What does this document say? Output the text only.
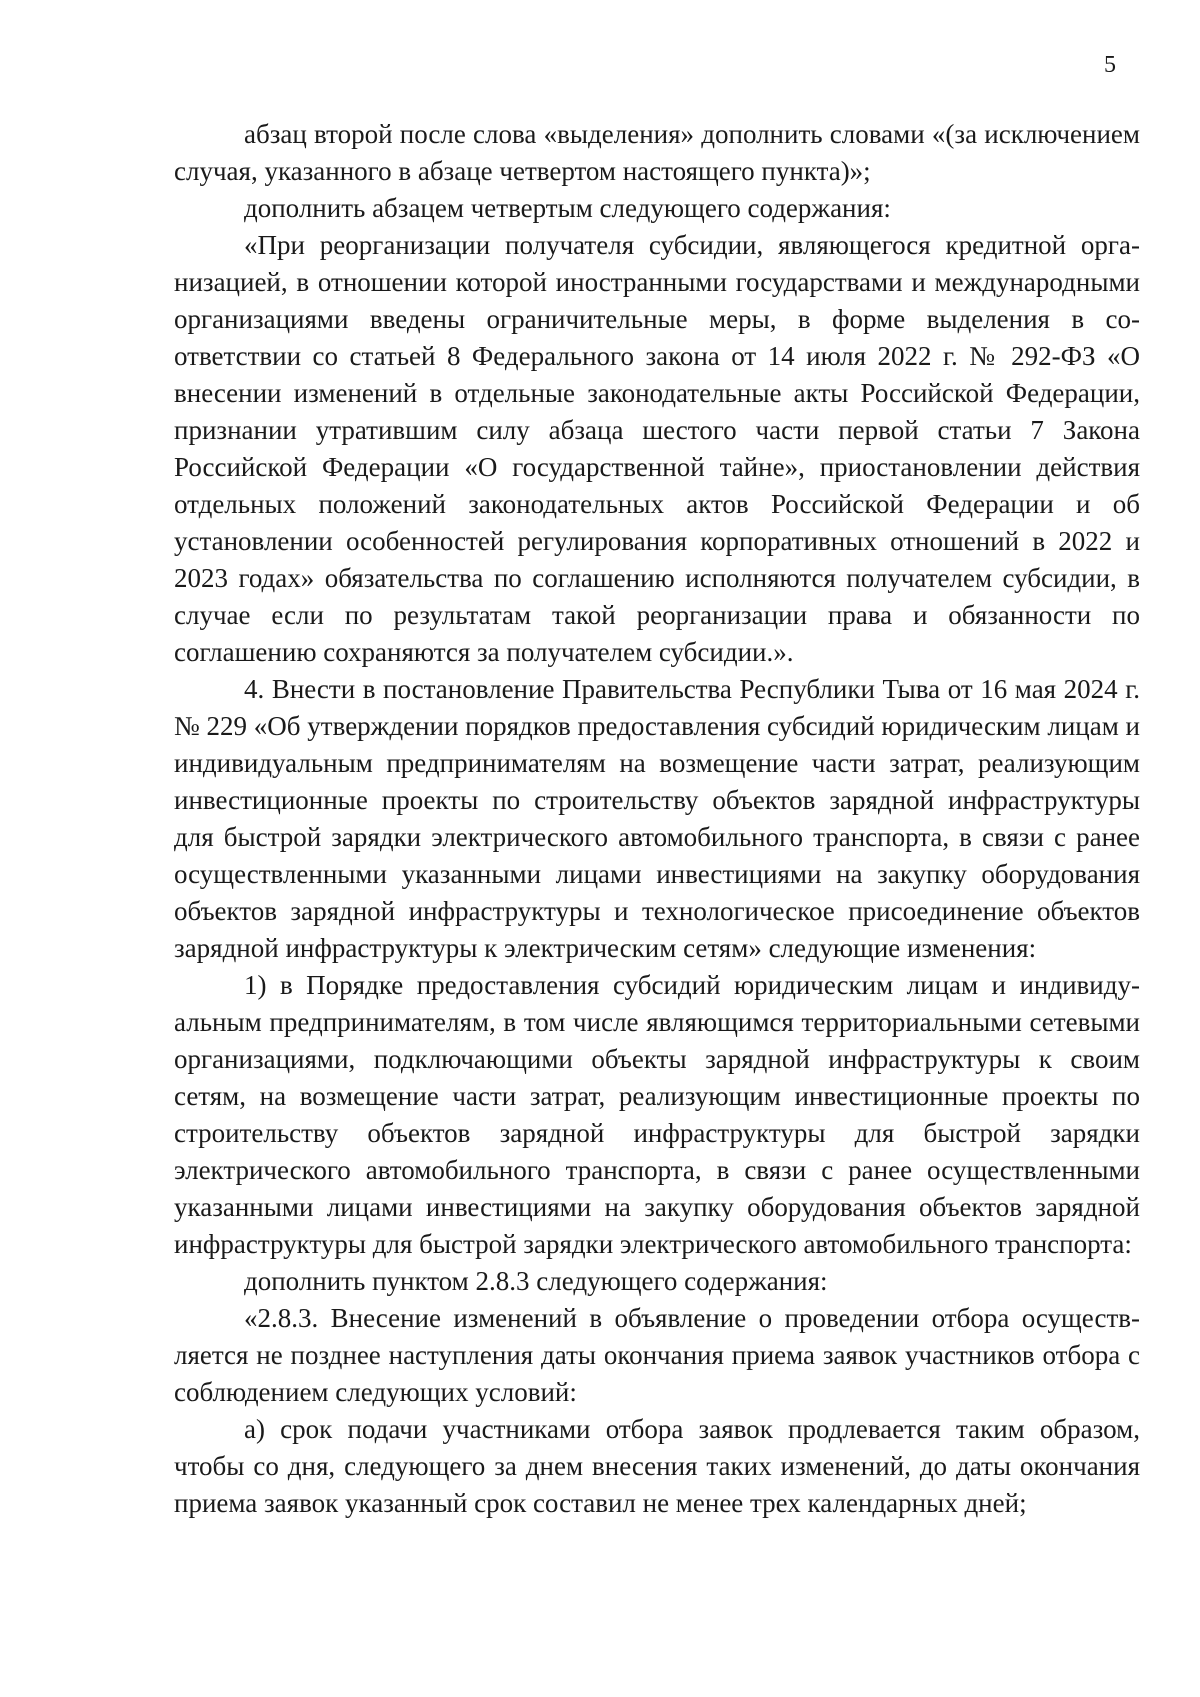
5

абзац второй после слова «выделения» дополнить словами «(за исключением случая, указанного в абзаце четвертом настоящего пункта)»;

дополнить абзацем четвертым следующего содержания:

«При реорганизации получателя субсидии, являющегося кредитной организацией, в отношении которой иностранными государствами и международными организациями введены ограничительные меры, в форме выделения в соответствии со статьей 8 Федерального закона от 14 июля 2022 г. № 292-ФЗ «О внесении изменений в отдельные законодательные акты Российской Федерации, признании утратившим силу абзаца шестого части первой статьи 7 Закона Российской Федерации «О государственной тайне», приостановлении действия отдельных положений законодательных актов Российской Федерации и об установлении особенностей регулирования корпоративных отношений в 2022 и 2023 годах» обязательства по соглашению исполняются получателем субсидии, в случае если по результатам такой реорганизации права и обязанности по соглашению сохраняются за получателем субсидии.».

4. Внести в постановление Правительства Республики Тыва от 16 мая 2024 г. № 229 «Об утверждении порядков предоставления субсидий юридическим лицам и индивидуальным предпринимателям на возмещение части затрат, реализующим инвестиционные проекты по строительству объектов зарядной инфраструктуры для быстрой зарядки электрического автомобильного транспорта, в связи с ранее осуществленными указанными лицами инвестициями на закупку оборудования объектов зарядной инфраструктуры и технологическое присоединение объектов зарядной инфраструктуры к электрическим сетям» следующие изменения:

1) в Порядке предоставления субсидий юридическим лицам и индивидуальным предпринимателям, в том числе являющимся территориальными сетевыми организациями, подключающими объекты зарядной инфраструктуры к своим сетям, на возмещение части затрат, реализующим инвестиционные проекты по строительству объектов зарядной инфраструктуры для быстрой зарядки электрического автомобильного транспорта, в связи с ранее осуществленными указанными лицами инвестициями на закупку оборудования объектов зарядной инфраструктуры для быстрой зарядки электрического автомобильного транспорта:

дополнить пунктом 2.8.3 следующего содержания:

«2.8.3. Внесение изменений в объявление о проведении отбора осуществляется не позднее наступления даты окончания приема заявок участников отбора с соблюдением следующих условий:

а) срок подачи участниками отбора заявок продлевается таким образом, чтобы со дня, следующего за днем внесения таких изменений, до даты окончания приема заявок указанный срок составил не менее трех календарных дней;
